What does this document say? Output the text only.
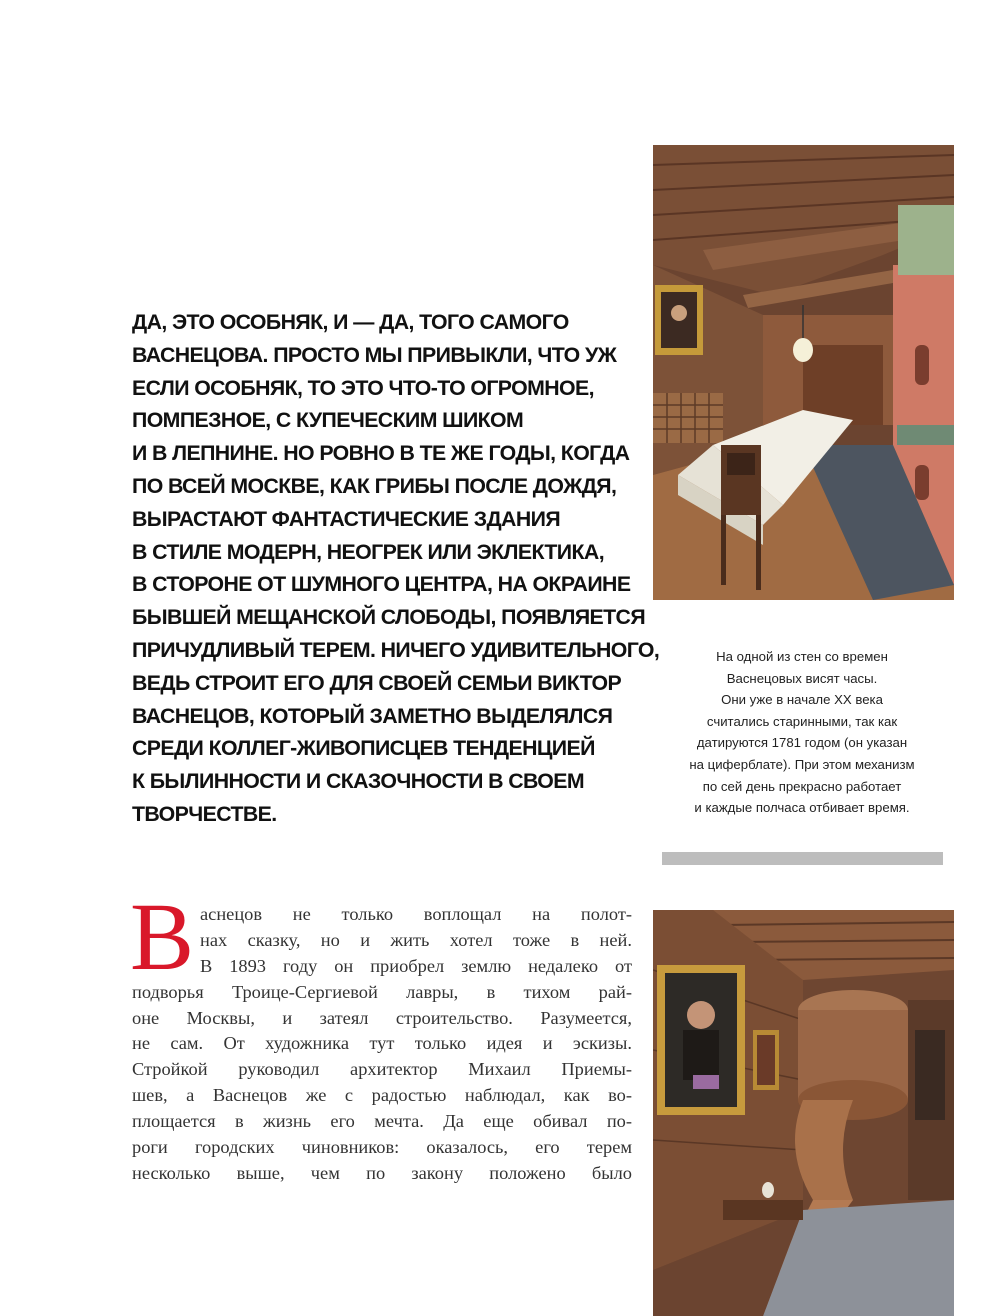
ДА, ЭТО ОСОБНЯК, И — ДА, ТОГО САМОГО
ВАСНЕЦОВА. ПРОСТО МЫ ПРИВЫКЛИ, ЧТО УЖ
ЕСЛИ ОСОБНЯК, ТО ЭТО ЧТО-ТО ОГРОМНОЕ,
ПОМПЕЗНОЕ, С КУПЕЧЕСКИМ ШИКОМ
И В ЛЕПНИНЕ. НО РОВНО В ТЕ ЖЕ ГОДЫ, КОГДА
ПО ВСЕЙ МОСКВЕ, КАК ГРИБЫ ПОСЛЕ ДОЖДЯ,
ВЫРАСТАЮТ ФАНТАСТИЧЕСКИЕ ЗДАНИЯ
В СТИЛЕ МОДЕРН, НЕОГРЕК ИЛИ ЭКЛЕКТИКА,
В СТОРОНЕ ОТ ШУМНОГО ЦЕНТРА, НА ОКРАИНЕ
БЫВШЕЙ МЕЩАНСКОЙ СЛОБОДЫ, ПОЯВЛЯЕТСЯ
ПРИЧУДЛИВЫЙ ТЕРЕМ. НИЧЕГО УДИВИТЕЛЬНОГО,
ВЕДЬ СТРОИТ ЕГО ДЛЯ СВОЕЙ СЕМЬИ ВИКТОР
ВАСНЕЦОВ, КОТОРЫЙ ЗАМЕТНО ВЫДЕЛЯЛСЯ
СРЕДИ КОЛЛЕГ-ЖИВОПИСЦЕВ ТЕНДЕНЦИЕЙ
К БЫЛИННОСТИ И СКАЗОЧНОСТИ В СВОЕМ
ТВОРЧЕСТВЕ.
На одной из стен со времен
Васнецовых висят часы.
Они уже в начале XX века
считались старинными, так как
датируются 1781 годом (он указан
на циферблате). При этом механизм
по сей день прекрасно работает
и каждые полчаса отбивает время.
В аснецов не только воплощал на полот-
нах сказку, но и жить хотел тоже в ней.
В 1893 году он приобрел землю недалеко от
подворья Троице-Сергиевой лавры, в тихом рай-
оне Москвы, и затеял строительство. Разумеется,
не сам. От художника тут только идея и эскизы.
Стройкой руководил архитектор Михаил Приемы-
шев, а Васнецов же с радостью наблюдал, как во-
площается в жизнь его мечта. Да еще обивал по-
роги городских чиновников: оказалось, его терем
несколько выше, чем по закону положено было
